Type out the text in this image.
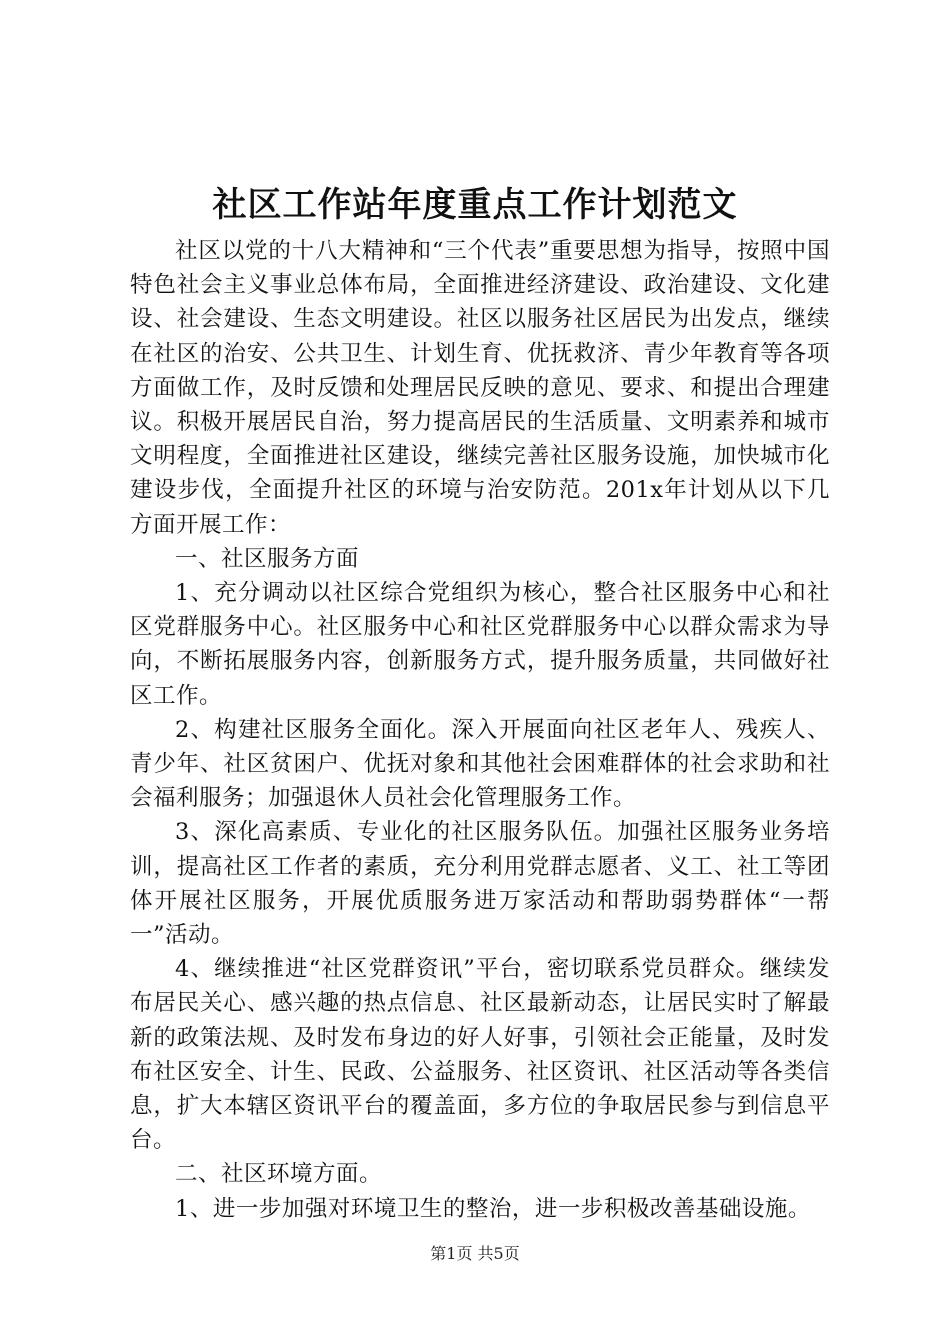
社区工作站年度重点工作计划范文

社区以党的十八大精神和“三个代表”重要思想为指导，按照中国特色社会主义事业总体布局，全面推进经济建设、政治建设、文化建设、社会建设、生态文明建设。社区以服务社区居民为出发点，继续在社区的治安、公共卫生、计划生育、优抚救济、青少年教育等各项方面做工作，及时反馈和处理居民反映的意见、要求、和提出合理建议。积极开展居民自治，努力提高居民的生活质量、文明素养和城市文明程度，全面推进社区建设，继续完善社区服务设施，加快城市化建设步伐，全面提升社区的环境与治安防范。201x年计划从以下几方面开展工作：

一、社区服务方面

1、充分调动以社区综合党组织为核心，整合社区服务中心和社区党群服务中心。社区服务中心和社区党群服务中心以群众需求为导向，不断拓展服务内容，创新服务方式，提升服务质量，共同做好社区工作。

2、构建社区服务全面化。深入开展面向社区老年人、残疾人、青少年、社区贫困户、优抚对象和其他社会困难群体的社会求助和社会福利服务；加强退休人员社会化管理服务工作。

3、深化高素质、专业化的社区服务队伍。加强社区服务业务培训，提高社区工作者的素质，充分利用党群志愿者、义工、社工等团体开展社区服务，开展优质服务进万家活动和帮助弱势群体“一帮一”活动。

4、继续推进“社区党群资讯”平台，密切联系党员群众。继续发布居民关心、感兴趣的热点信息、社区最新动态，让居民实时了解最新的政策法规、及时发布身边的好人好事，引领社会正能量，及时发布社区安全、计生、民政、公益服务、社区资讯、社区活动等各类信息，扩大本辖区资讯平台的覆盖面，多方位的争取居民参与到信息平台。

二、社区环境方面。

1、进一步加强对环境卫生的整治，进一步积极改善基础设施。

第1页 共5页
